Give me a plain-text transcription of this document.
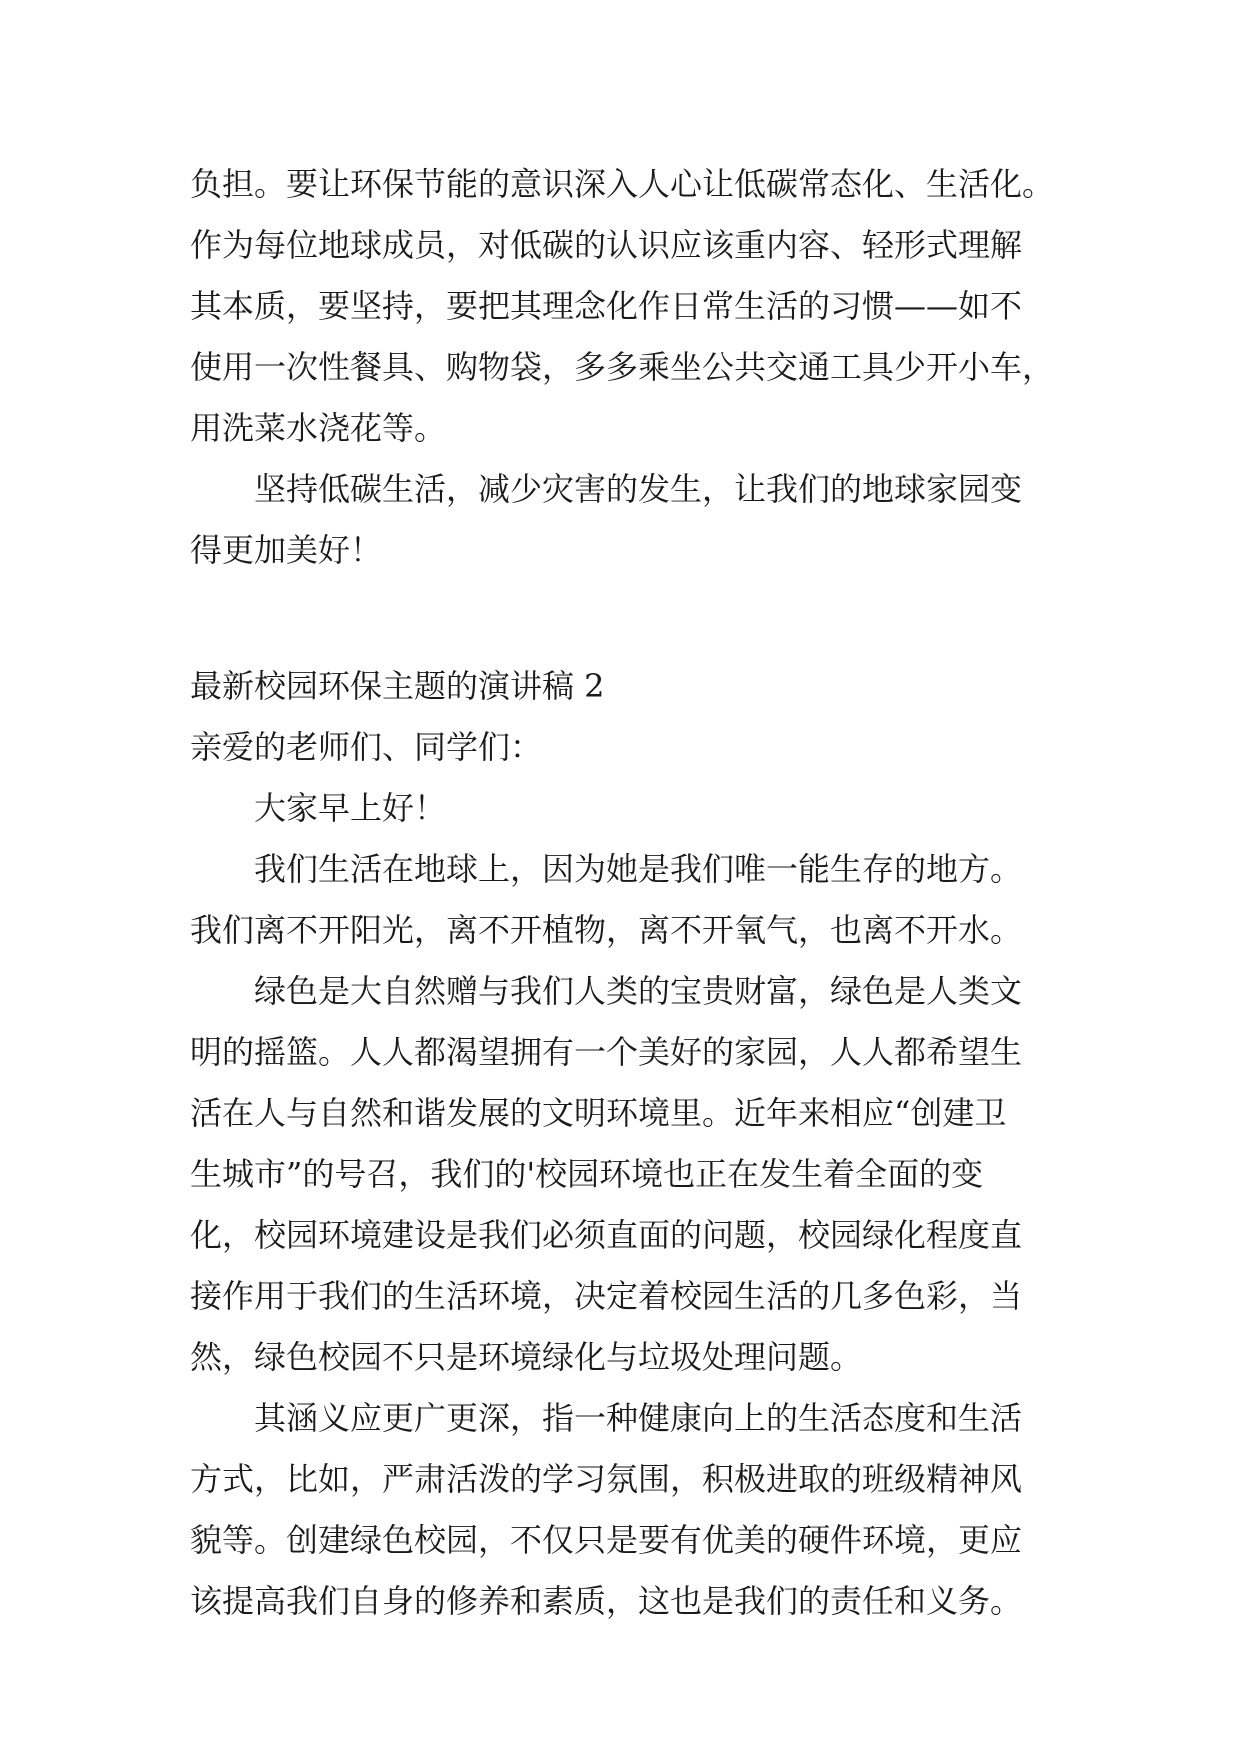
负担。要让环保节能的意识深入人心让低碳常态化、生活化。
作为每位地球成员，对低碳的认识应该重内容、轻形式理解
其本质，要坚持，要把其理念化作日常生活的习惯——如不
使用一次性餐具、购物袋，多多乘坐公共交通工具少开小车，
用洗菜水浇花等。
坚持低碳生活，减少灾害的发生，让我们的地球家园变
得更加美好！
最新校园环保主题的演讲稿 2
亲爱的老师们、同学们：
大家早上好！
我们生活在地球上，因为她是我们唯一能生存的地方。
我们离不开阳光，离不开植物，离不开氧气，也离不开水。
绿色是大自然赠与我们人类的宝贵财富，绿色是人类文
明的摇篮。人人都渴望拥有一个美好的家园，人人都希望生
活在人与自然和谐发展的文明环境里。近年来相应“创建卫
生城市”的号召，我们的'校园环境也正在发生着全面的变
化，校园环境建设是我们必须直面的问题，校园绿化程度直
接作用于我们的生活环境，决定着校园生活的几多色彩，当
然，绿色校园不只是环境绿化与垃圾处理问题。
其涵义应更广更深，指一种健康向上的生活态度和生活
方式，比如，严肃活泼的学习氛围，积极进取的班级精神风
貌等。创建绿色校园，不仅只是要有优美的硬件环境，更应
该提高我们自身的修养和素质，这也是我们的责任和义务。
